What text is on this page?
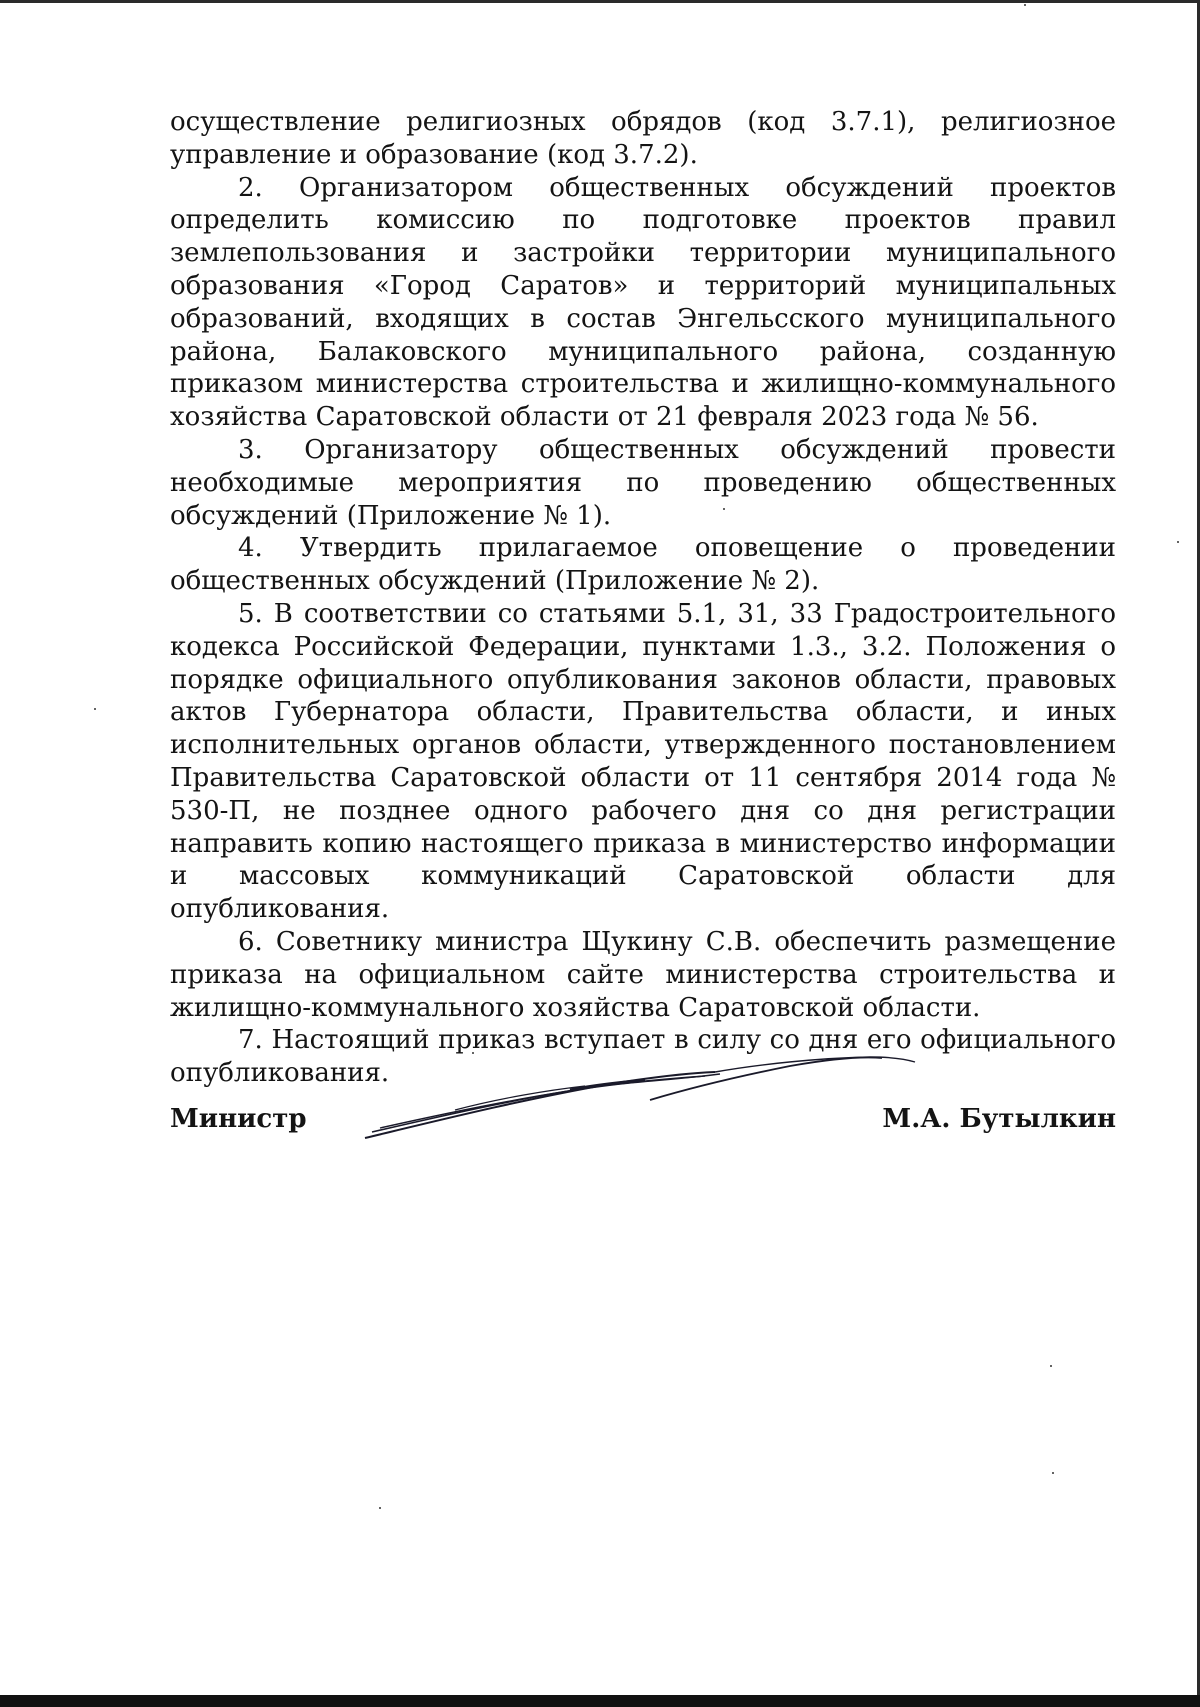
осуществление религиозных обрядов (код 3.7.1), религиозное управление и образование (код 3.7.2).

2. Организатором общественных обсуждений проектов определить комиссию по подготовке проектов правил землепользования и застройки территории муниципального образования «Город Саратов» и территорий муниципальных образований, входящих в состав Энгельсского муниципального района, Балаковского муниципального района, созданную приказом министерства строительства и жилищно-коммунального хозяйства Саратовской области от 21 февраля 2023 года № 56.

3. Организатору общественных обсуждений провести необходимые мероприятия по проведению общественных обсуждений (Приложение № 1).

4. Утвердить прилагаемое оповещение о проведении общественных обсуждений (Приложение № 2).

5. В соответствии со статьями 5.1, 31, 33 Градостроительного кодекса Российской Федерации, пунктами 1.3., 3.2. Положения о порядке официального опубликования законов области, правовых актов Губернатора области, Правительства области, и иных исполнительных органов области, утвержденного постановлением Правительства Саратовской области от 11 сентября 2014 года № 530-П, не позднее одного рабочего дня со дня регистрации направить копию настоящего приказа в министерство информации и массовых коммуникаций Саратовской области для опубликования.

6. Советнику министра Щукину С.В. обеспечить размещение приказа на официальном сайте министерства строительства и жилищно-коммунального хозяйства Саратовской области.

7. Настоящий приказ вступает в силу со дня его официального опубликования.

Министр	М.А. Бутылкин
